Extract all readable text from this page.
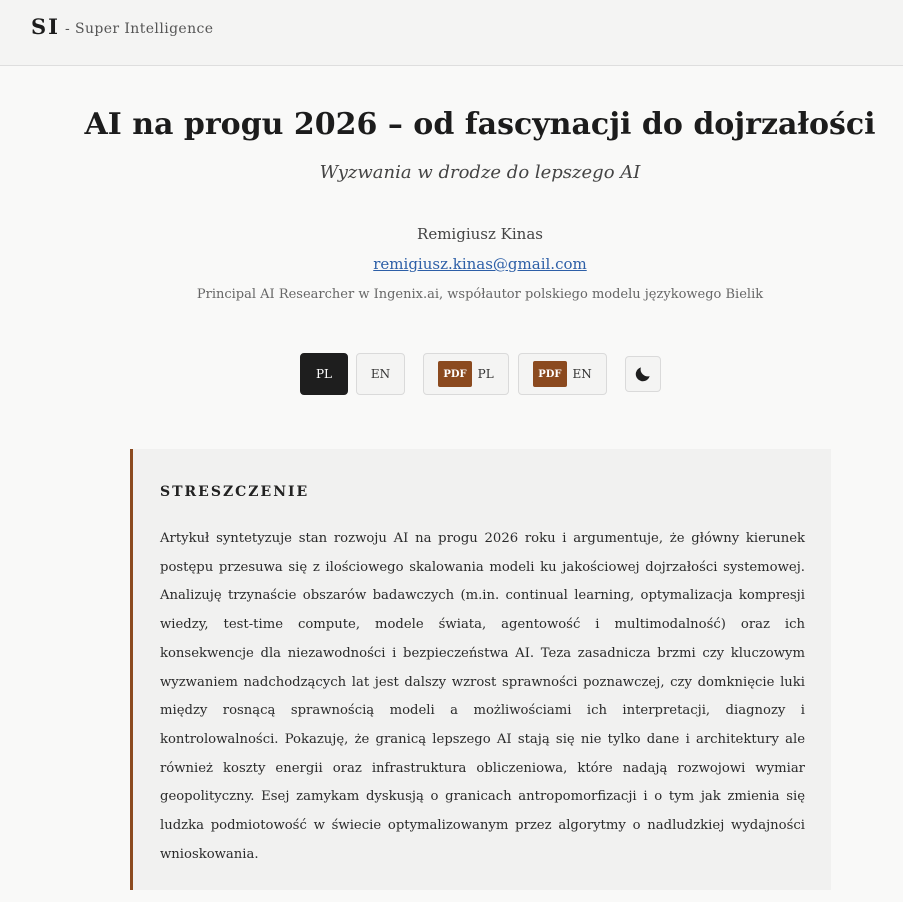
SI - Super Intelligence
AI na progu 2026 – od fascynacji do dojrzałości
Wyzwania w drodze do lepszego AI
Remigiusz Kinas
remigiusz.kinas@gmail.com
Principal AI Researcher w Ingenix.ai, współautor polskiego modelu językowego Bielik
PL	EN	PDF PL	PDF EN
STRESZCZENIE

Artykuł syntetyzuje stan rozwoju AI na progu 2026 roku i argumentuje, że główny kierunek postępu przesuwa się z ilościowego skalowania modeli ku jakościowej dojrzałości systemowej. Analizuję trzynaście obszarów badawczych (m.in. continual learning, optymalizacja kompresji wiedzy, test-time compute, modele świata, agentowość i multimodalność) oraz ich konsekwencje dla niezawodności i bezpieczeństwa AI. Teza zasadnicza brzmi czy kluczowym wyzwaniem nadchodzących lat jest dalszy wzrost sprawności poznawczej, czy domknięcie luki między rosnącą sprawnością modeli a możliwościami ich interpretacji, diagnozy i kontrolowalności. Pokazuję, że granicą lepszego AI stają się nie tylko dane i architektury ale również koszty energii oraz infrastruktura obliczeniowa, które nadają rozwojowi wymiar geopolityczny. Esej zamykam dyskusją o granicach antropomorfizacji i o tym jak zmienia się ludzka podmiotowość w świecie optymalizowanym przez algorytmy o nadludzkiej wydajności wnioskowania.
